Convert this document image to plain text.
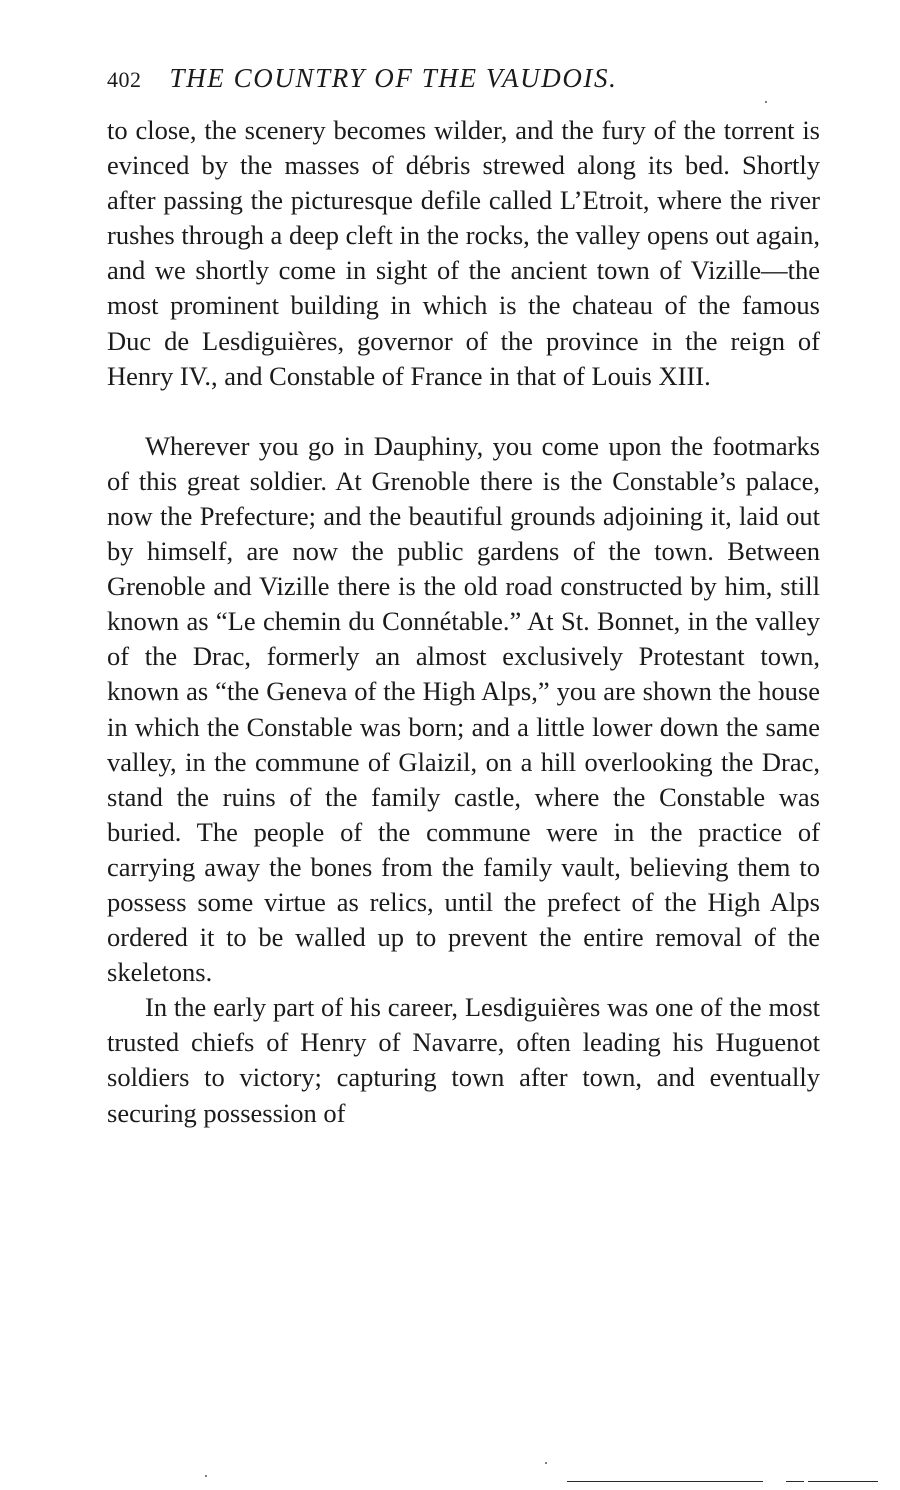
402 THE COUNTRY OF THE VAUDOIS.

to close, the scenery becomes wilder, and the fury of the torrent is evinced by the masses of débris strewed along its bed. Shortly after passing the picturesque defile called L’Etroit, where the river rushes through a deep cleft in the rocks, the valley opens out again, and we shortly come in sight of the ancient town of Vizille—the most prominent building in which is the chateau of the famous Duc de Lesdiguières, governor of the province in the reign of Henry IV., and Constable of France in that of Louis XIII.

Wherever you go in Dauphiny, you come upon the footmarks of this great soldier. At Grenoble there is the Constable’s palace, now the Prefecture; and the beautiful grounds adjoining it, laid out by himself, are now the public gardens of the town. Between Grenoble and Vizille there is the old road constructed by him, still known as “Le chemin du Connétable.” At St. Bonnet, in the valley of the Drac, formerly an almost exclusively Protestant town, known as “the Geneva of the High Alps,” you are shown the house in which the Constable was born; and a little lower down the same valley, in the commune of Glaizil, on a hill overlooking the Drac, stand the ruins of the family castle, where the Constable was buried. The people of the commune were in the practice of carrying away the bones from the family vault, believing them to possess some virtue as relics, until the prefect of the High Alps ordered it to be walled up to prevent the entire removal of the skeletons.

In the early part of his career, Lesdiguières was one of the most trusted chiefs of Henry of Navarre, often leading his Huguenot soldiers to victory; capturing town after town, and eventually securing possession of
